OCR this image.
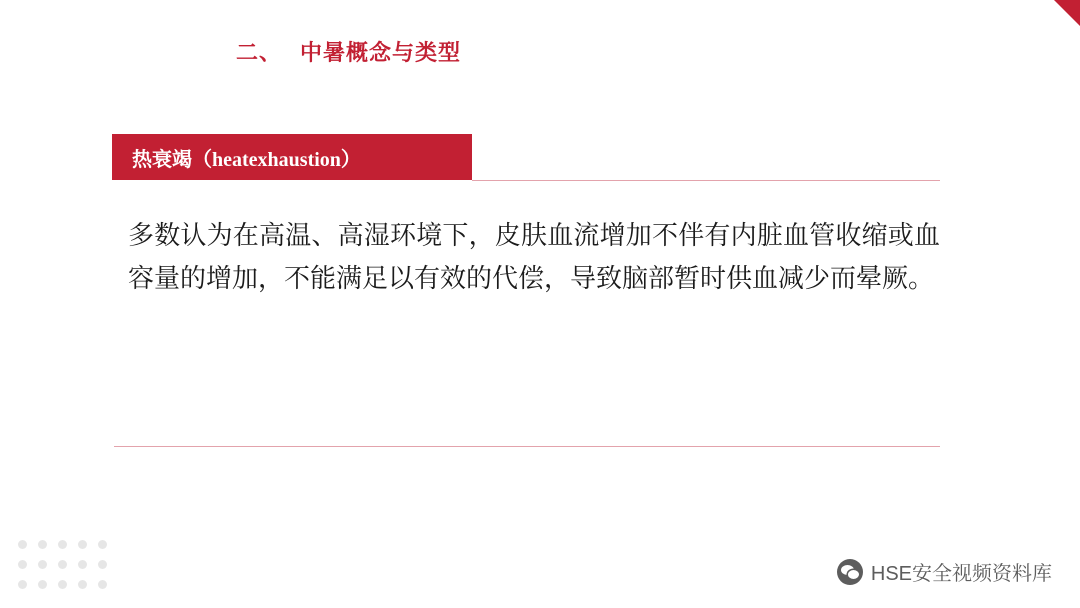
二、 中暑概念与类型
热衰竭（heatexhaustion）
多数认为在高温、高湿环境下，皮肤血流增加不伴有内脏血管收缩或血容量的增加，不能满足以有效的代偿，导致脑部暂时供血减少而晕厥。
HSE安全视频资料库
